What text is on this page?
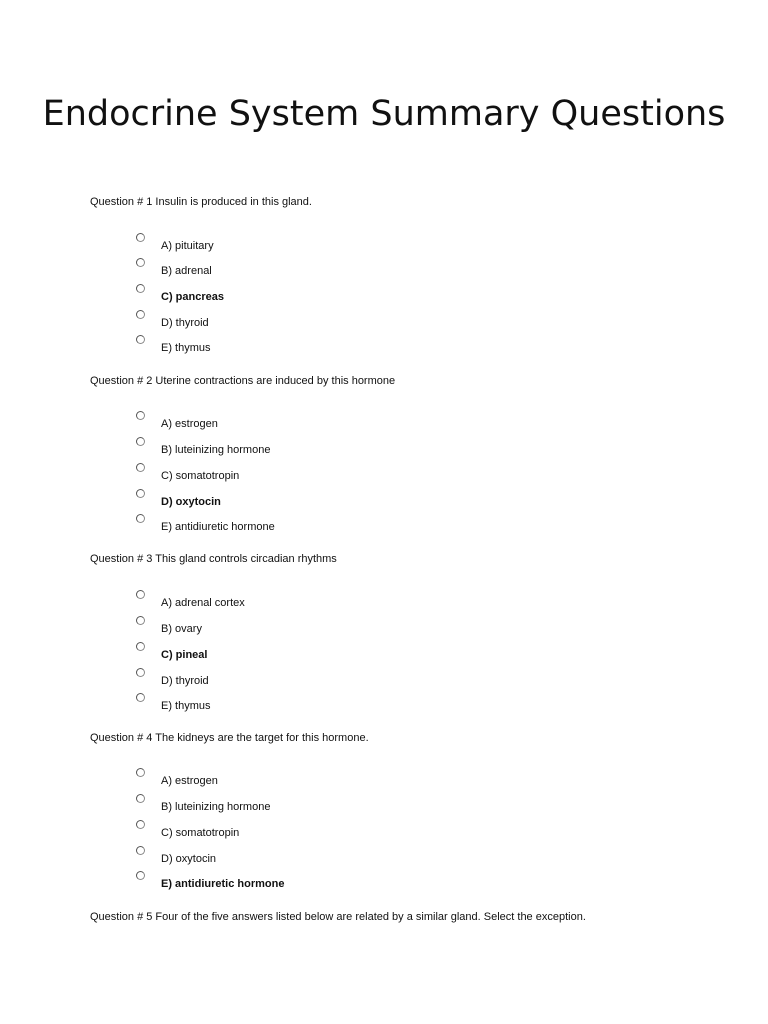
Endocrine System Summary Questions
Question # 1 Insulin is produced in this gland.
A) pituitary
B) adrenal
C) pancreas
D) thyroid
E) thymus
Question # 2 Uterine contractions are induced by this hormone
A) estrogen
B) luteinizing hormone
C) somatotropin
D) oxytocin
E) antidiuretic hormone
Question # 3 This gland controls circadian rhythms
A) adrenal cortex
B) ovary
C) pineal
D) thyroid
E) thymus
Question # 4 The kidneys are the target for this hormone.
A) estrogen
B) luteinizing hormone
C) somatotropin
D) oxytocin
E) antidiuretic hormone
Question # 5 Four of the five answers listed below are related by a similar gland. Select the exception.
